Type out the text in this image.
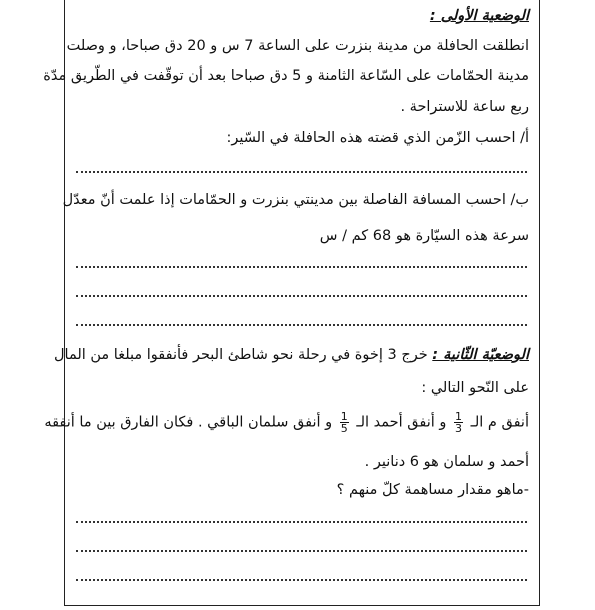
الوضعية الأولى :
انطلقت الحافلة من مدينة بنزرت على الساعة 7 س و 20 دق صباحا، و وصلت
مدينة الحمّامات على السّاعة الثامنة و 5 دق صباحا بعد أن توقّفت في الطّريق مدّة
ربع ساعة للاستراحة .
أ/ احسب الزّمن الذي قضته هذه الحافلة في السّير:
ب/ احسب المسافة الفاصلة بين مدينتي بنزرت و الحمّامات إذا علمت أنّ معدّل
سرعة هذه السيّارة هو 68 كم / س
الوضعيّة الثّانية : خرج 3 إخوة في رحلة نحو شاطئ البحر فأنفقوا مبلغا من المال
على النّحو التالي :
أنفق م الـ
$\frac{1}{3}$
و أنفق أحمد الـ
$\frac{1}{5}$
و أنفق سلمان الباقي . فكان الفارق بين ما أنفقه
أحمد و سلمان هو 6 دنانير .
-ماهو مقدار مساهمة كلّ منهم ؟
